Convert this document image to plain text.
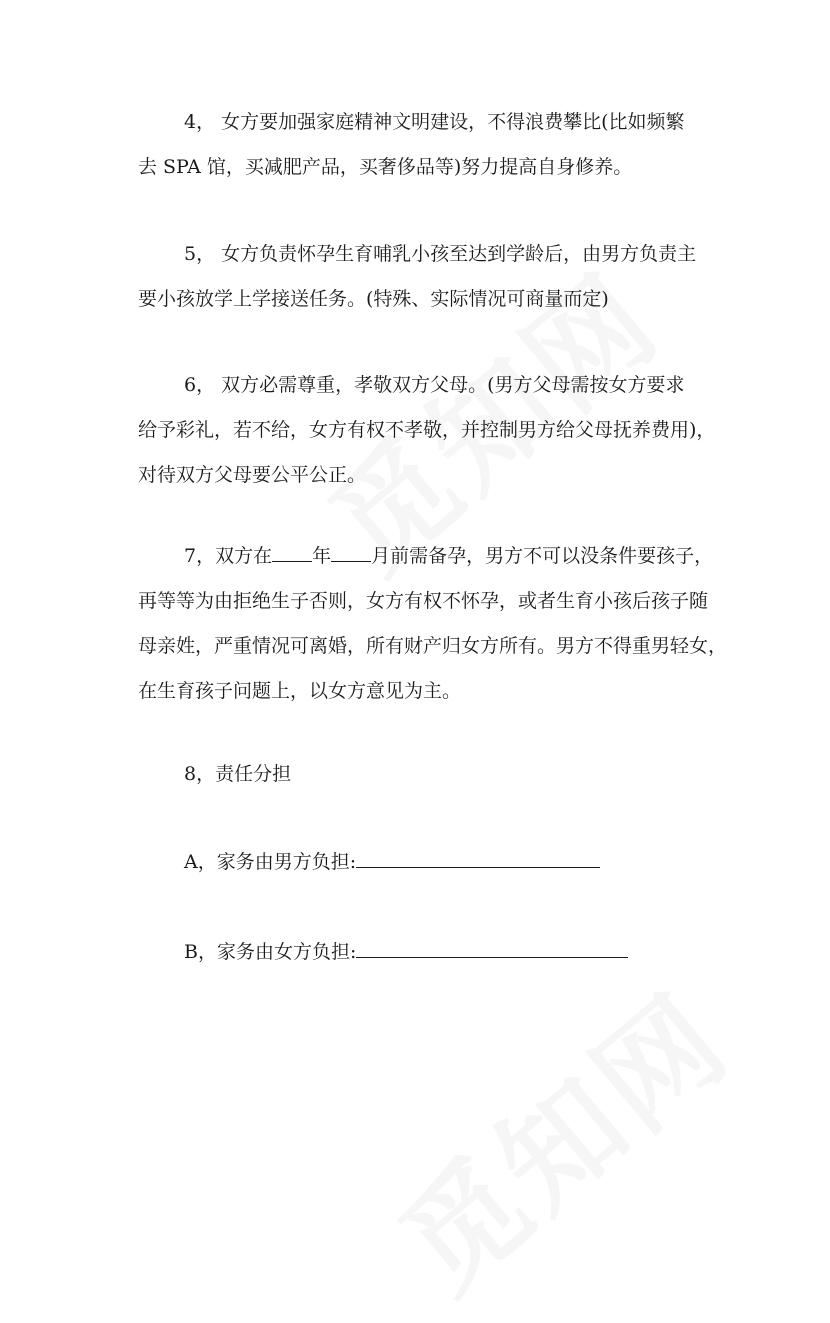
4， 女方要加强家庭精神文明建设，不得浪费攀比(比如频繁
去 SPA 馆，买减肥产品，买奢侈品等)努力提高自身修养。
5， 女方负责怀孕生育哺乳小孩至达到学龄后，由男方负责主
要小孩放学上学接送任务。(特殊、实际情况可商量而定)
6， 双方必需尊重，孝敬双方父母。(男方父母需按女方要求
给予彩礼，若不给，女方有权不孝敬，并控制男方给父母抚养费用)，
对待双方父母要公平公正。
7，双方在 年 月前需备孕，男方不可以没条件要孩子，
再等等为由拒绝生子否则，女方有权不怀孕，或者生育小孩后孩子随
母亲姓，严重情况可离婚，所有财产归女方所有。男方不得重男轻女，
在生育孩子问题上，以女方意见为主。
8，责任分担
A，家务由男方负担:
B，家务由女方负担:
